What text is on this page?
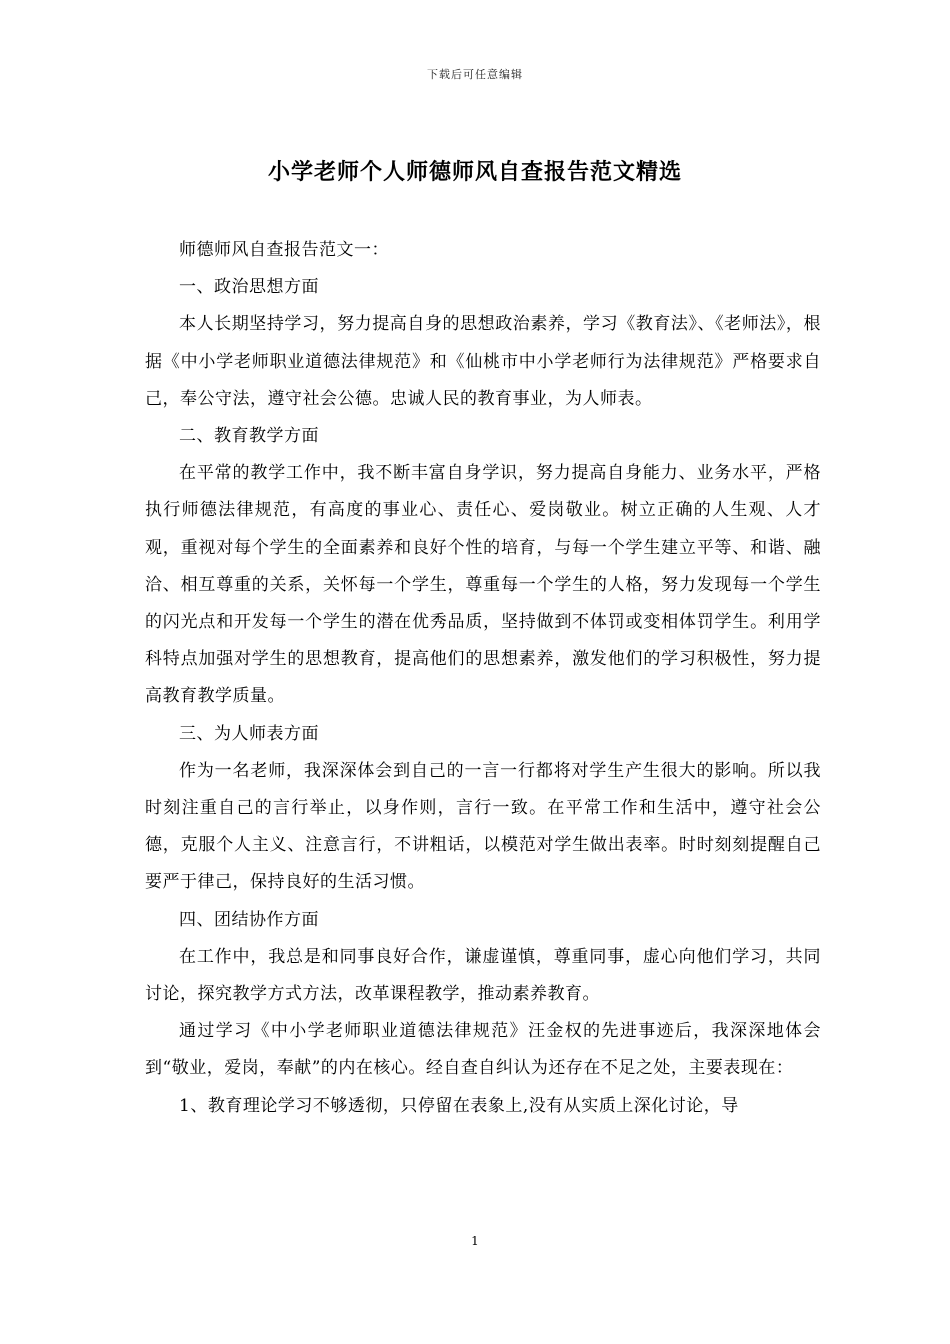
下载后可任意编辑
小学老师个人师德师风自查报告范文精选

师德师风自查报告范文一：

一、政治思想方面

本人长期坚持学习，努力提高自身的思想政治素养，学习《教育法》、《老师法》，根据《中小学老师职业道德法律规范》和《仙桃市中小学老师行为法律规范》严格要求自己，奉公守法，遵守社会公德。忠诚人民的教育事业，为人师表。

二、教育教学方面

在平常的教学工作中，我不断丰富自身学识，努力提高自身能力、业务水平，严格执行师德法律规范，有高度的事业心、责任心、爱岗敬业。树立正确的人生观、人才观，重视对每个学生的全面素养和良好个性的培育，与每一个学生建立平等、和谐、融洽、相互尊重的关系，关怀每一个学生，尊重每一个学生的人格，努力发现每一个学生的闪光点和开发每一个学生的潜在优秀品质，坚持做到不体罚或变相体罚学生。利用学科特点加强对学生的思想教育，提高他们的思想素养，激发他们的学习积极性，努力提高教育教学质量。

三、为人师表方面

作为一名老师，我深深体会到自己的一言一行都将对学生产生很大的影响。所以我时刻注重自己的言行举止，以身作则，言行一致。在平常工作和生活中，遵守社会公德，克服个人主义、注意言行，不讲粗话，以模范对学生做出表率。时时刻刻提醒自己要严于律己，保持良好的生活习惯。

四、团结协作方面

在工作中，我总是和同事良好合作，谦虚谨慎，尊重同事，虚心向他们学习，共同讨论，探究教学方式方法，改革课程教学，推动素养教育。

通过学习《中小学老师职业道德法律规范》汪金权的先进事迹后，我深深地体会到“敬业，爱岗，奉献”的内在核心。经自查自纠认为还存在不足之处，主要表现在：

1、教育理论学习不够透彻，只停留在表象上,没有从实质上深化讨论，导

1
